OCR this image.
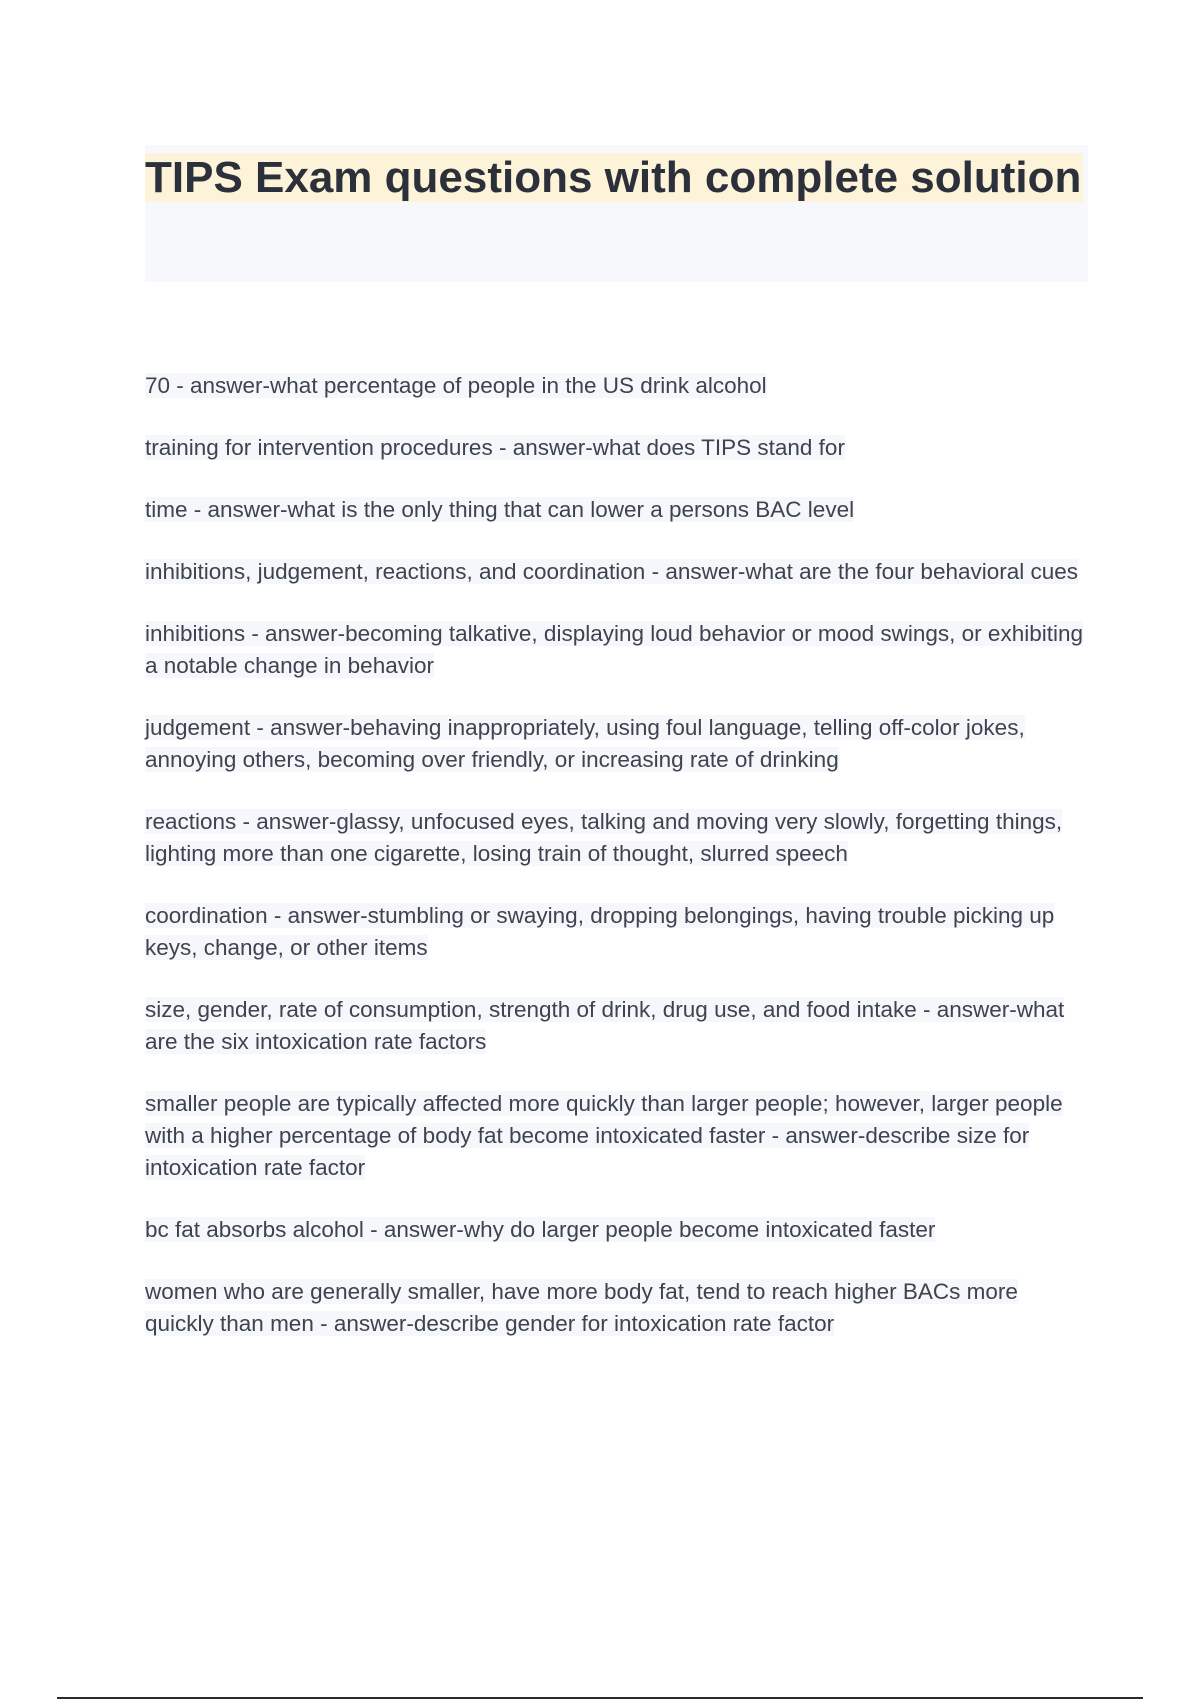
TIPS Exam questions with complete solution
70 - answer-what percentage of people in the US drink alcohol
training for intervention procedures - answer-what does TIPS stand for
time - answer-what is the only thing that can lower a persons BAC level
inhibitions, judgement, reactions, and coordination - answer-what are the four behavioral cues
inhibitions - answer-becoming talkative, displaying loud behavior or mood swings, or exhibiting a notable change in behavior
judgement - answer-behaving inappropriately, using foul language, telling off-color jokes, annoying others, becoming over friendly, or increasing rate of drinking
reactions - answer-glassy, unfocused eyes, talking and moving very slowly, forgetting things, lighting more than one cigarette, losing train of thought, slurred speech
coordination - answer-stumbling or swaying, dropping belongings, having trouble picking up keys, change, or other items
size, gender, rate of consumption, strength of drink, drug use, and food intake - answer-what are the six intoxication rate factors
smaller people are typically affected more quickly than larger people; however, larger people with a higher percentage of body fat become intoxicated faster - answer-describe size for intoxication rate factor
bc fat absorbs alcohol - answer-why do larger people become intoxicated faster
women who are generally smaller, have more body fat, tend to reach higher BACs more quickly than men - answer-describe gender for intoxication rate factor
